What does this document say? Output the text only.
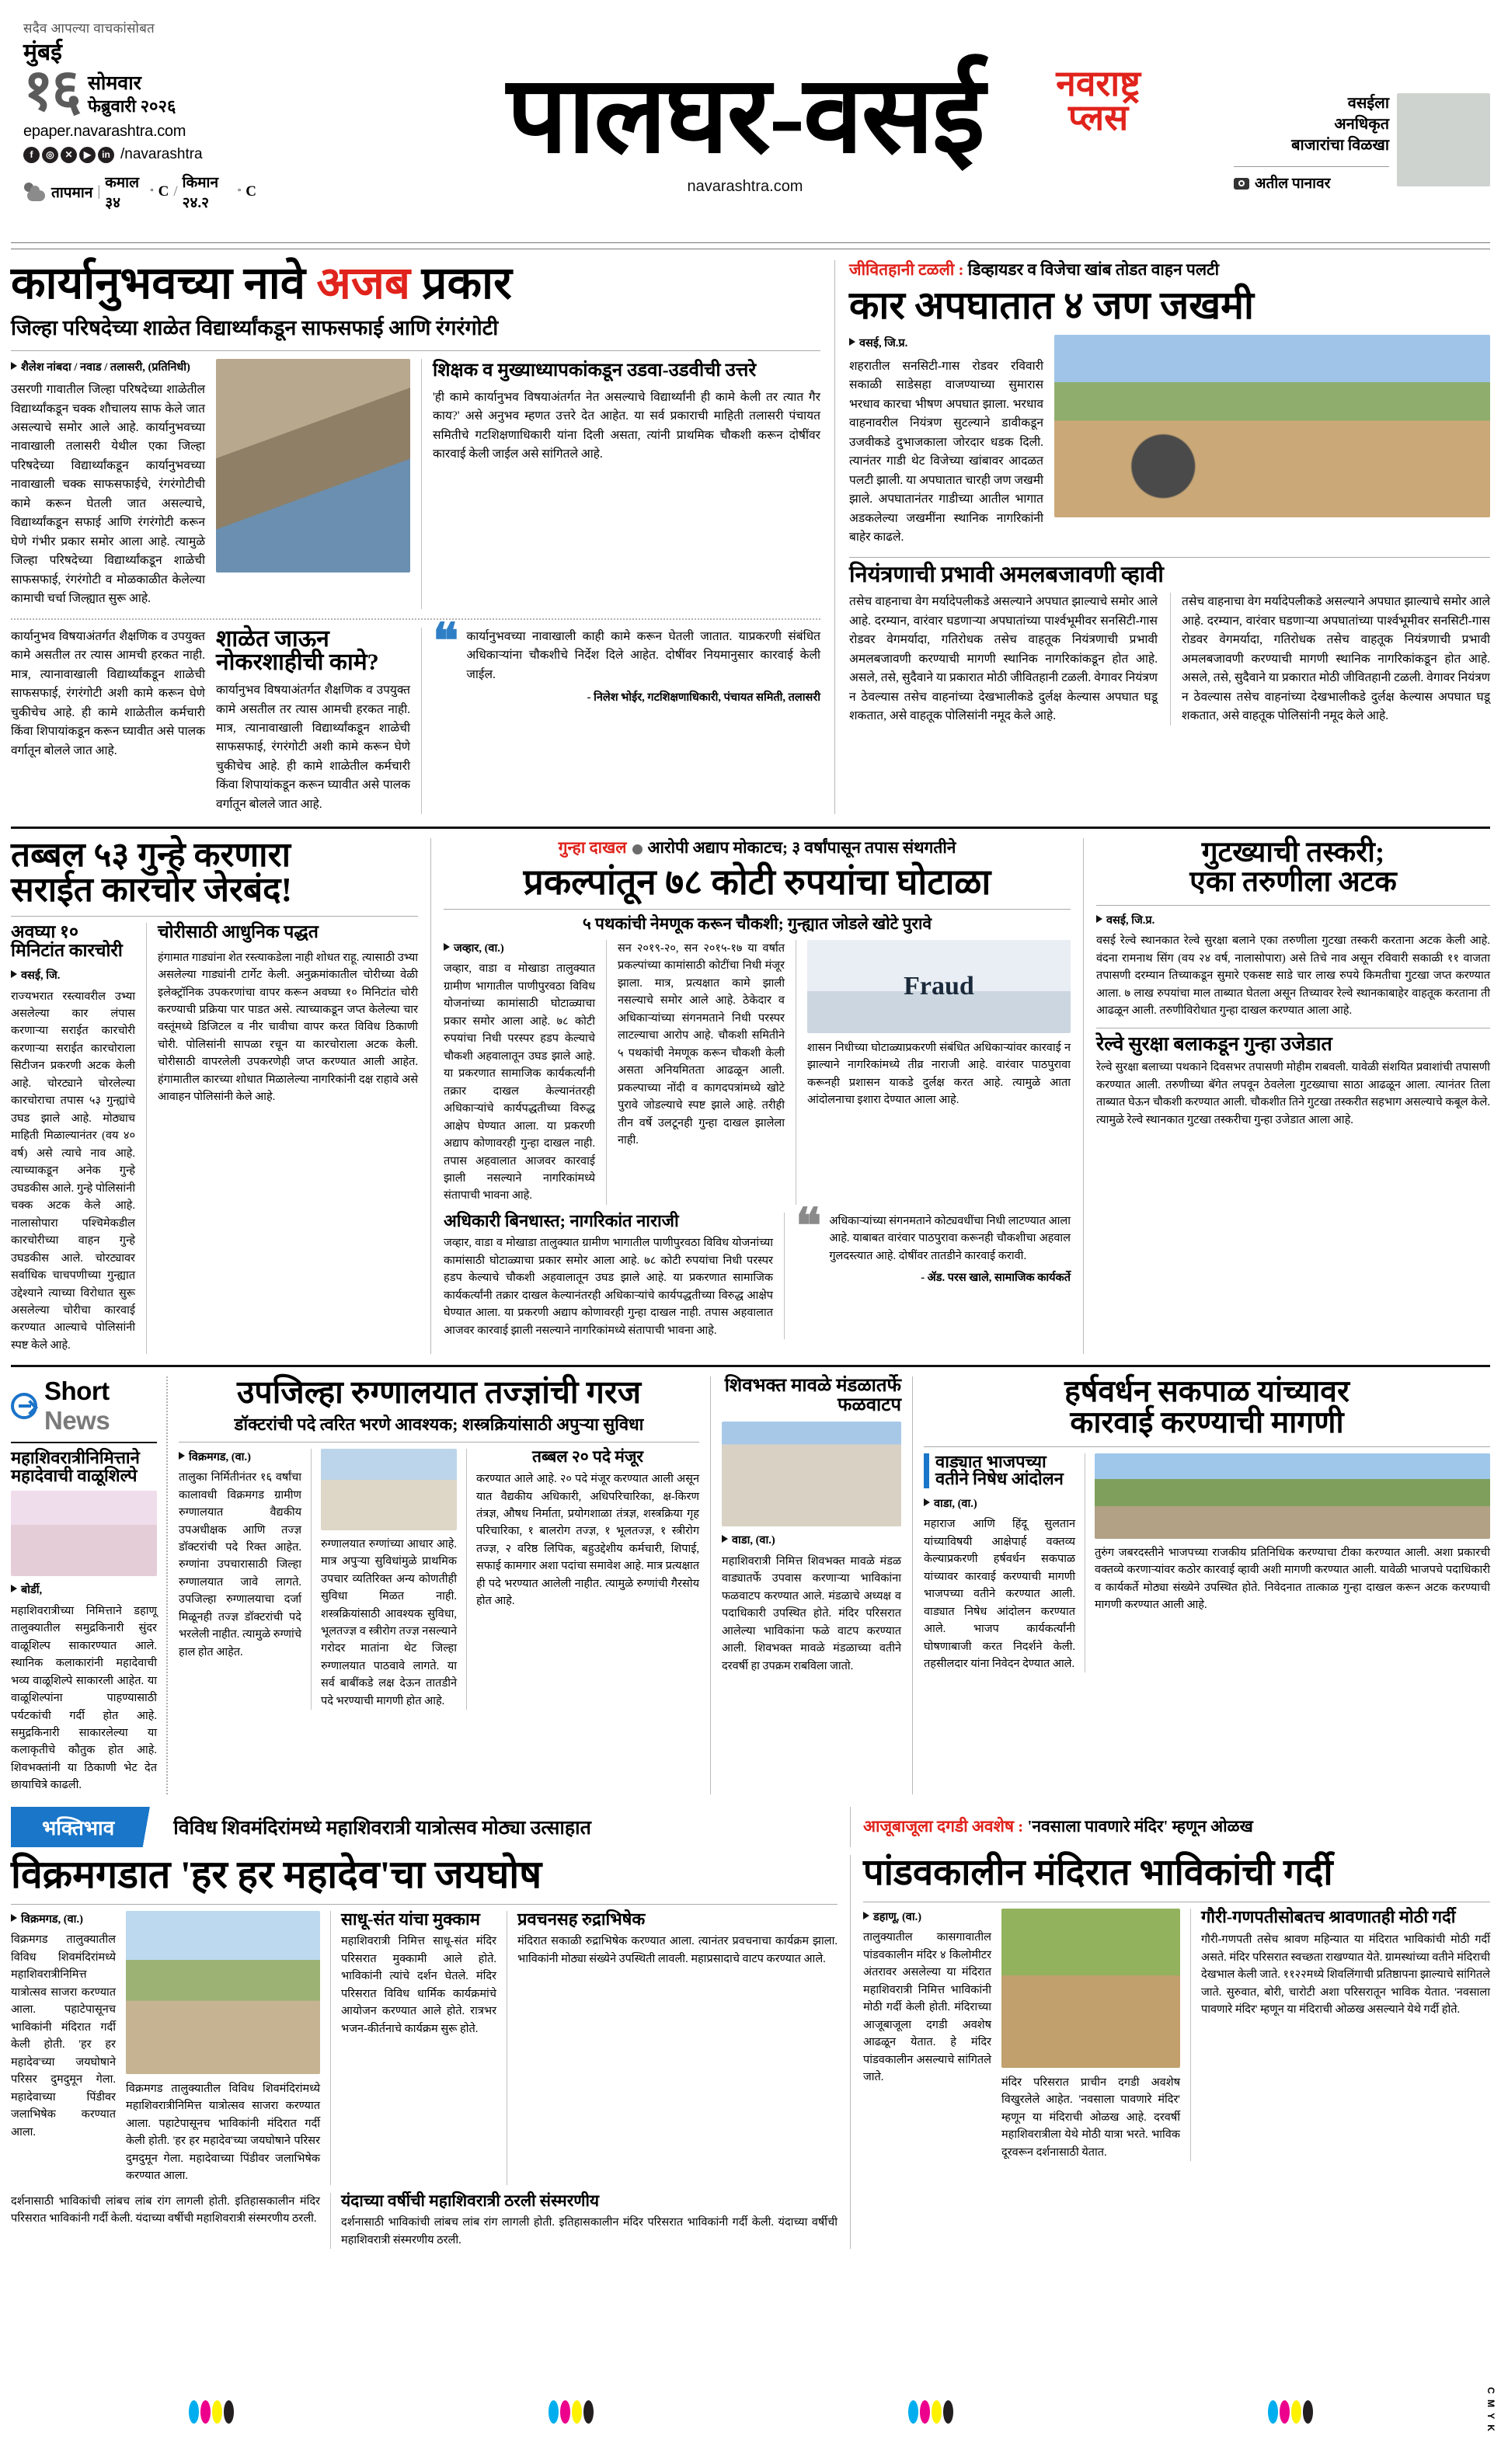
सदैव आपल्या वाचकांसोबत
मुंबई
१६ सोमवार
फेब्रुवारी २०२६
epaper.navarashtra.com
f	◎	✕	▶	in /navarashtra
तापमान |
कमाल ३४
° C /
किमान २४.२
° C
पालघर-वसई	नवराष्ट्र
प्लस
navarashtra.com
वसईला
अनधिकृत
बाजारांचा विळखा
अतील पानावर
कार्यानुभवच्या नावे अजब प्रकार
जिल्हा परिषदेच्या शाळेत विद्यार्थ्यांकडून साफसफाई आणि रंगरंगोटी
शैलेश नांबदा / नवाड / तलासरी, (प्रतिनिधी)
उसरणी गावातील जिल्हा परिषदेच्या शाळेतील विद्यार्थ्यांकडून चक्क शौचालय साफ केले जात असल्याचे समोर आले आहे. कार्यानुभवच्या नावाखाली तलासरी येथील एका जिल्हा परिषदेच्या विद्यार्थ्यांकडून कार्यानुभवच्या नावाखाली चक्क साफसफाईचे, रंगरंगोटीची कामे करून घेतली जात असल्याचे, विद्यार्थ्यांकडून सफाई आणि रंगरंगोटी करून घेणे गंभीर प्रकार समोर आला आहे. त्यामुळे जिल्हा परिषदेच्या विद्यार्थ्यांकडून शाळेची साफसफाई, रंगरंगोटी व मोळकाळीत केलेल्या कामाची चर्चा जिल्ह्यात सुरू आहे.
शिक्षक व मुख्याध्यापकांकडून उडवा-उडवीची उत्तरे
'ही कामे कार्यानुभव विषयाअंतर्गत नेत असल्याचे विद्यार्थ्यांनी ही कामे केली तर त्यात गैर काय?' असे अनुभव म्हणत उत्तरे देत आहेत. या सर्व प्रकाराची माहिती तलासरी पंचायत समितीचे गटशिक्षणाधिकारी यांना दिली असता, त्यांनी प्राथमिक चौकशी करून दोषींवर कारवाई केली जाईल असे सांगितले आहे.
कार्यानुभव विषयाअंतर्गत शैक्षणिक व उपयुक्त कामे असतील तर त्यास आमची हरकत नाही. मात्र, त्यानावाखाली विद्यार्थ्यांकडून शाळेची साफसफाई, रंगरंगोटी अशी कामे करून घेणे चुकीचेच आहे. ही कामे शाळेतील कर्मचारी किंवा शिपायांकडून करून घ्यावीत असे पालक वर्गातून बोलले जात आहे.
शाळेत जाऊन नोकरशाहीची कामे?
कार्यानुभव विषयाअंतर्गत शैक्षणिक व उपयुक्त कामे असतील तर त्यास आमची हरकत नाही. मात्र, त्यानावाखाली विद्यार्थ्यांकडून शाळेची साफसफाई, रंगरंगोटी अशी कामे करून घेणे चुकीचेच आहे. ही कामे शाळेतील कर्मचारी किंवा शिपायांकडून करून घ्यावीत असे पालक वर्गातून बोलले जात आहे.
❝ कार्यानुभवच्या नावाखाली काही कामे करून घेतली जातात. याप्रकरणी संबंधित अधिकाऱ्यांना चौकशीचे निर्देश दिले आहेत. दोषींवर नियमानुसार कारवाई केली जाईल.
- निलेश भोईर, गटशिक्षणाधिकारी, पंचायत समिती, तलासरी
जीवितहानी टळली : डिव्हायडर व विजेचा खांब तोडत वाहन पलटी
कार अपघातात ४ जण जखमी
वसई, जि.प्र.
शहरातील सनसिटी-गास रोडवर रविवारी सकाळी साडेसहा वाजण्याच्या सुमारास भरधाव कारचा भीषण अपघात झाला. भरधाव वाहनावरील नियंत्रण सुटल्याने डावीकडून उजवीकडे दुभाजकाला जोरदार धडक दिली. त्यानंतर गाडी थेट विजेच्या खांबावर आदळत पलटी झाली. या अपघातात चारही जण जखमी झाले. अपघातानंतर गाडीच्या आतील भागात अडकलेल्या जखमींना स्थानिक नागरिकांनी बाहेर काढले.
नियंत्रणाची प्रभावी अमलबजावणी व्हावी
तसेच वाहनाचा वेग मर्यादेपलीकडे असल्याने अपघात झाल्याचे समोर आले आहे. दरम्यान, वारंवार घडणाऱ्या अपघातांच्या पार्श्वभूमीवर सनसिटी-गास रोडवर वेगमर्यादा, गतिरोधक तसेच वाहतूक नियंत्रणाची प्रभावी अमलबजावणी करण्याची मागणी स्थानिक नागरिकांकडून होत आहे. असले, तसे, सुदैवाने या प्रकारात मोठी जीवितहानी टळली. वेगावर नियंत्रण न ठेवल्यास तसेच वाहनांच्या देखभालीकडे दुर्लक्ष केल्यास अपघात घडू शकतात, असे वाहतूक पोलिसांनी नमूद केले आहे.
तसेच वाहनाचा वेग मर्यादेपलीकडे असल्याने अपघात झाल्याचे समोर आले आहे. दरम्यान, वारंवार घडणाऱ्या अपघातांच्या पार्श्वभूमीवर सनसिटी-गास रोडवर वेगमर्यादा, गतिरोधक तसेच वाहतूक नियंत्रणाची प्रभावी अमलबजावणी करण्याची मागणी स्थानिक नागरिकांकडून होत आहे. असले, तसे, सुदैवाने या प्रकारात मोठी जीवितहानी टळली. वेगावर नियंत्रण न ठेवल्यास तसेच वाहनांच्या देखभालीकडे दुर्लक्ष केल्यास अपघात घडू शकतात, असे वाहतूक पोलिसांनी नमूद केले आहे.
तब्बल ५३ गुन्हे करणारा
सराईत कारचोर जेरबंद!
अवघ्या १० मिनिटांत कारचोरी
वसई, जि.
राज्यभरात रस्त्यावरील उभ्या असलेल्या कार लंपास करणाऱ्या सराईत कारचोरी करणाऱ्या सराईत कारचोराला सिटीजन प्रकरणी अटक केली आहे. चोरट्याने चोरलेल्या कारचोराचा तपास ५३ गुन्ह्यांचे उघड झाले आहे. मोठ्याच माहिती मिळाल्यानंतर (वय ४० वर्ष) असे त्याचे नाव आहे. त्याच्याकडून अनेक गुन्हे उघडकीस आले. गुन्हे पोलिसांनी चक्क अटक केले आहे. नालासोपारा पश्चिमेकडील कारचोरीच्या वाहन गुन्हे उघडकीस आले. चोरट्यावर सर्वाधिक चाचपणीच्या गुन्ह्यात उद्देश्याने त्याच्या विरोधात सुरू असलेल्या चोरीचा कारवाई करण्यात आल्याचे पोलिसांनी स्पष्ट केले आहे.
चोरीसाठी आधुनिक पद्धत
हंगामात गाड्यांना शेत रस्त्याकडेला नाही शोधत राहू. त्यासाठी उभ्या असलेल्या गाड्यांनी टार्गेट केली. अनुक्रमांकातील चोरीच्या वेळी इलेक्ट्रॉनिक उपकरणांचा वापर करून अवघ्या १० मिनिटांत चोरी करण्याची प्रक्रिया पार पाडत असे. त्याच्याकडून जप्त केलेल्या चार वस्तूंमध्ये डिजिटल व नीर चावीचा वापर करत विविध ठिकाणी चोरी. पोलिसांनी सापळा रचून या कारचोराला अटक केली. चोरीसाठी वापरलेली उपकरणेही जप्त करण्यात आली आहेत. हंगामातील कारच्या शोधात मिळालेल्या नागरिकांनी दक्ष राहावे असे आवाहन पोलिसांनी केले आहे.
गुन्हा दाखल आरोपी अद्याप मोकाटच; ३ वर्षांपासून तपास संथगतीने
प्रकल्पांतून ७८ कोटी रुपयांचा घोटाळा
५ पथकांची नेमणूक करून चौकशी; गुन्ह्यात जोडले खोटे पुरावे
जव्हार, (वा.)
जव्हार, वाडा व मोखाडा तालुक्यात ग्रामीण भागातील पाणीपुरवठा विविध योजनांच्या कामांसाठी घोटाळ्याचा प्रकार समोर आला आहे. ७८ कोटी रुपयांचा निधी परस्पर हडप केल्याचे चौकशी अहवालातून उघड झाले आहे. या प्रकरणात सामाजिक कार्यकर्त्यांनी तक्रार दाखल केल्यानंतरही अधिकाऱ्यांचे कार्यपद्धतीच्या विरुद्ध आक्षेप घेण्यात आला. या प्रकरणी अद्याप कोणावरही गुन्हा दाखल नाही. तपास अहवालात आजवर कारवाई झाली नसल्याने नागरिकांमध्ये संतापाची भावना आहे.
सन २०१९-२०, सन २०१५-१७ या वर्षात प्रकल्पांच्या कामांसाठी कोटींचा निधी मंजूर झाला. मात्र, प्रत्यक्षात कामे झाली नसल्याचे समोर आले आहे. ठेकेदार व अधिकाऱ्यांच्या संगनमताने निधी परस्पर लाटल्याचा आरोप आहे. चौकशी समितीने ५ पथकांची नेमणूक करून चौकशी केली असता अनियमितता आढळून आली. प्रकल्पाच्या नोंदी व कागदपत्रांमध्ये खोटे पुरावे जोडल्याचे स्पष्ट झाले आहे. तरीही तीन वर्षे उलटूनही गुन्हा दाखल झालेला नाही.
Fraud
शासन निधीच्या घोटाळ्याप्रकरणी संबंधित अधिकाऱ्यांवर कारवाई न झाल्याने नागरिकांमध्ये तीव्र नाराजी आहे. वारंवार पाठपुरावा करूनही प्रशासन याकडे दुर्लक्ष करत आहे. त्यामुळे आता आंदोलनाचा इशारा देण्यात आला आहे.
अधिकारी बिनधास्त; नागरिकांत नाराजी
जव्हार, वाडा व मोखाडा तालुक्यात ग्रामीण भागातील पाणीपुरवठा विविध योजनांच्या कामांसाठी घोटाळ्याचा प्रकार समोर आला आहे. ७८ कोटी रुपयांचा निधी परस्पर हडप केल्याचे चौकशी अहवालातून उघड झाले आहे. या प्रकरणात सामाजिक कार्यकर्त्यांनी तक्रार दाखल केल्यानंतरही अधिकाऱ्यांचे कार्यपद्धतीच्या विरुद्ध आक्षेप घेण्यात आला. या प्रकरणी अद्याप कोणावरही गुन्हा दाखल नाही. तपास अहवालात आजवर कारवाई झाली नसल्याने नागरिकांमध्ये संतापाची भावना आहे.
❝ अधिकाऱ्यांच्या संगनमताने कोट्यवधींचा निधी लाटण्यात आला आहे. याबाबत वारंवार पाठपुरावा करूनही चौकशीचा अहवाल गुलदस्त्यात आहे. दोषींवर तातडीने कारवाई करावी.
- ॲड. परस खाले, सामाजिक कार्यकर्ते
गुटख्याची तस्करी;
एका तरुणीला अटक
वसई, जि.प्र.
वसई रेल्वे स्थानकात रेल्वे सुरक्षा बलाने एका तरुणीला गुटखा तस्करी करताना अटक केली आहे. वंदना रामनाथ सिंग (वय २४ वर्ष, नालासोपारा) असे तिचे नाव असून रविवारी सकाळी ११ वाजता तपासणी दरम्यान तिच्याकडून सुमारे एकसष्ट साडे चार लाख रुपये किमतीचा गुटखा जप्त करण्यात आला. ७ लाख रुपयांचा माल ताब्यात घेतला असून तिच्यावर रेल्वे स्थानकाबाहेर वाहतूक करताना ती आढळून आली. तरुणीविरोधात गुन्हा दाखल करण्यात आला आहे.
रेल्वे सुरक्षा बलाकडून गुन्हा उजेडात
रेल्वे सुरक्षा बलाच्या पथकाने दिवसभर तपासणी मोहीम राबवली. यावेळी संशयित प्रवाशांची तपासणी करण्यात आली. तरुणीच्या बॅगेत लपवून ठेवलेला गुटख्याचा साठा आढळून आला. त्यानंतर तिला ताब्यात घेऊन चौकशी करण्यात आली. चौकशीत तिने गुटखा तस्करीत सहभाग असल्याचे कबूल केले. त्यामुळे रेल्वे स्थानकात गुटखा तस्करीचा गुन्हा उजेडात आला आहे.
Short News
महाशिवरात्रीनिमित्ताने महादेवाची वाळूशिल्पे
बोर्डी,
महाशिवरात्रीच्या निमित्ताने डहाणू तालुक्यातील समुद्रकिनारी सुंदर वाळूशिल्प साकारण्यात आले. स्थानिक कलाकारांनी महादेवाची भव्य वाळूशिल्पे साकारली आहेत. या वाळूशिल्पांना पाहण्यासाठी पर्यटकांची गर्दी होत आहे. समुद्रकिनारी साकारलेल्या या कलाकृतीचे कौतुक होत आहे. शिवभक्तांनी या ठिकाणी भेट देत छायाचित्रे काढली.
उपजिल्हा रुग्णालयात तज्ज्ञांची गरज
डॉक्टरांची पदे त्वरित भरणे आवश्यक; शस्त्रक्रियांसाठी अपुऱ्या सुविधा
विक्रमगड, (वा.)
तालुका निर्मितीनंतर १६ वर्षांचा कालावधी विक्रमगड ग्रामीण रुग्णालयात वैद्यकीय उपअधीक्षक आणि तज्ज्ञ डॉक्टरांची पदे रिक्त आहेत. रुग्णांना उपचारासाठी जिल्हा रुग्णालयात जावे लागते. उपजिल्हा रुग्णालयाचा दर्जा मिळूनही तज्ज्ञ डॉक्टरांची पदे भरलेली नाहीत. त्यामुळे रुग्णांचे हाल होत आहेत.
रुग्णालयात रुग्णांच्या आधार आहे. मात्र अपुऱ्या सुविधांमुळे प्राथमिक उपचार व्यतिरिक्त अन्य कोणतीही सुविधा मिळत नाही. शस्त्रक्रियांसाठी आवश्यक सुविधा, भूलतज्ज्ञ व स्त्रीरोग तज्ज्ञ नसल्याने गरोदर मातांना थेट जिल्हा रुग्णालयात पाठवावे लागते. या सर्व बाबींकडे लक्ष देऊन तातडीने पदे भरण्याची मागणी होत आहे.
तब्बल २० पदे मंजूर
करण्यात आले आहे. २० पदे मंजूर करण्यात आली असून यात वैद्यकीय अधिकारी, अधिपरिचारिका, क्ष-किरण तंत्रज्ञ, औषध निर्माता, प्रयोगशाळा तंत्रज्ञ, शस्त्रक्रिया गृह परिचारिका, १ बालरोग तज्ज्ञ, १ भूलतज्ज्ञ, १ स्त्रीरोग तज्ज्ञ, २ वरिष्ठ लिपिक, बहुउद्देशीय कर्मचारी, शिपाई, सफाई कामगार अशा पदांचा समावेश आहे. मात्र प्रत्यक्षात ही पदे भरण्यात आलेली नाहीत. त्यामुळे रुग्णांची गैरसोय होत आहे.
शिवभक्त मावळे मंडळातर्फे फळवाटप
वाडा, (वा.)
महाशिवरात्री निमित्त शिवभक्त मावळे मंडळ वाड्यातर्फे उपवास करणाऱ्या भाविकांना फळवाटप करण्यात आले. मंडळाचे अध्यक्ष व पदाधिकारी उपस्थित होते. मंदिर परिसरात आलेल्या भाविकांना फळे वाटप करण्यात आली. शिवभक्त मावळे मंडळाच्या वतीने दरवर्षी हा उपक्रम राबविला जातो.
हर्षवर्धन सकपाळ यांच्यावर
कारवाई करण्याची मागणी
वाड्यात भाजपच्या वतीने निषेध आंदोलन
वाडा, (वा.)
महाराज आणि हिंदू सुलतान यांच्याविषयी आक्षेपार्ह वक्तव्य केल्याप्रकरणी हर्षवर्धन सकपाळ यांच्यावर कारवाई करण्याची मागणी भाजपच्या वतीने करण्यात आली. वाड्यात निषेध आंदोलन करण्यात आले. भाजप कार्यकर्त्यांनी घोषणाबाजी करत निदर्शने केली. तहसीलदार यांना निवेदन देण्यात आले.
तुरुंग जबरदस्तीने भाजपच्या राजकीय प्रतिनिधिक करण्याचा टीका करण्यात आली. अशा प्रकारची वक्तव्ये करणाऱ्यांवर कठोर कारवाई व्हावी अशी मागणी करण्यात आली. यावेळी भाजपचे पदाधिकारी व कार्यकर्ते मोठ्या संख्येने उपस्थित होते. निवेदनात तात्काळ गुन्हा दाखल करून अटक करण्याची मागणी करण्यात आली आहे.
भक्तिभाव	विविध शिवमंदिरांमध्ये महाशिवरात्री यात्रोत्सव मोठ्या उत्साहात	आजूबाजूला दगडी अवशेष : 'नवसाला पावणारे मंदिर' म्हणून ओळख
विक्रमगडात 'हर हर महादेव'चा जयघोष
विक्रमगड, (वा.)
विक्रमगड तालुक्यातील विविध शिवमंदिरांमध्ये महाशिवरात्रीनिमित्त यात्रोत्सव साजरा करण्यात आला. पहाटेपासूनच भाविकांनी मंदिरात गर्दी केली होती. 'हर हर महादेव'च्या जयघोषाने परिसर दुमदुमून गेला. महादेवाच्या पिंडीवर जलाभिषेक करण्यात आला.
विक्रमगड तालुक्यातील विविध शिवमंदिरांमध्ये महाशिवरात्रीनिमित्त यात्रोत्सव साजरा करण्यात आला. पहाटेपासूनच भाविकांनी मंदिरात गर्दी केली होती. 'हर हर महादेव'च्या जयघोषाने परिसर दुमदुमून गेला. महादेवाच्या पिंडीवर जलाभिषेक करण्यात आला.
साधू-संत यांचा मुक्काम
महाशिवरात्री निमित्त साधू-संत मंदिर परिसरात मुक्कामी आले होते. भाविकांनी त्यांचे दर्शन घेतले. मंदिर परिसरात विविध धार्मिक कार्यक्रमांचे आयोजन करण्यात आले होते. रात्रभर भजन-कीर्तनाचे कार्यक्रम सुरू होते.
प्रवचनसह रुद्राभिषेक
मंदिरात सकाळी रुद्राभिषेक करण्यात आला. त्यानंतर प्रवचनाचा कार्यक्रम झाला. भाविकांनी मोठ्या संख्येने उपस्थिती लावली. महाप्रसादाचे वाटप करण्यात आले.
दर्शनासाठी भाविकांची लांबच लांब रांग लागली होती. इतिहासकालीन मंदिर परिसरात भाविकांनी गर्दी केली. यंदाच्या वर्षीची महाशिवरात्री संस्मरणीय ठरली.
यंदाच्या वर्षीची महाशिवरात्री ठरली संस्मरणीय
दर्शनासाठी भाविकांची लांबच लांब रांग लागली होती. इतिहासकालीन मंदिर परिसरात भाविकांनी गर्दी केली. यंदाच्या वर्षीची महाशिवरात्री संस्मरणीय ठरली.
पांडवकालीन मंदिरात भाविकांची गर्दी
डहाणू, (वा.)
तालुक्यातील कासगावातील पांडवकालीन मंदिर ४ किलोमीटर अंतरावर असलेल्या या मंदिरात महाशिवरात्री निमित्त भाविकांनी मोठी गर्दी केली होती. मंदिराच्या आजूबाजूला दगडी अवशेष आढळून येतात. हे मंदिर पांडवकालीन असल्याचे सांगितले जाते.	मंदिर परिसरात प्राचीन दगडी अवशेष विखुरलेले आहेत. 'नवसाला पावणारे मंदिर' म्हणून या मंदिराची ओळख आहे. दरवर्षी महाशिवरात्रीला येथे मोठी यात्रा भरते. भाविक दूरवरून दर्शनासाठी येतात.
गौरी-गणपतीसोबतच श्रावणातही मोठी गर्दी
गौरी-गणपती तसेच श्रावण महिन्यात या मंदिरात भाविकांची मोठी गर्दी असते. मंदिर परिसरात स्वच्छता राखण्यात येते. ग्रामस्थांच्या वतीने मंदिराची देखभाल केली जाते. ११२२मध्ये शिवलिंगाची प्रतिष्ठापना झाल्याचे सांगितले जाते. सुरुवात, बोरी, चारोटी अशा परिसरातून भाविक येतात. 'नवसाला पावणारे मंदिर' म्हणून या मंदिराची ओळख असल्याने येथे गर्दी होते.
C M Y K
